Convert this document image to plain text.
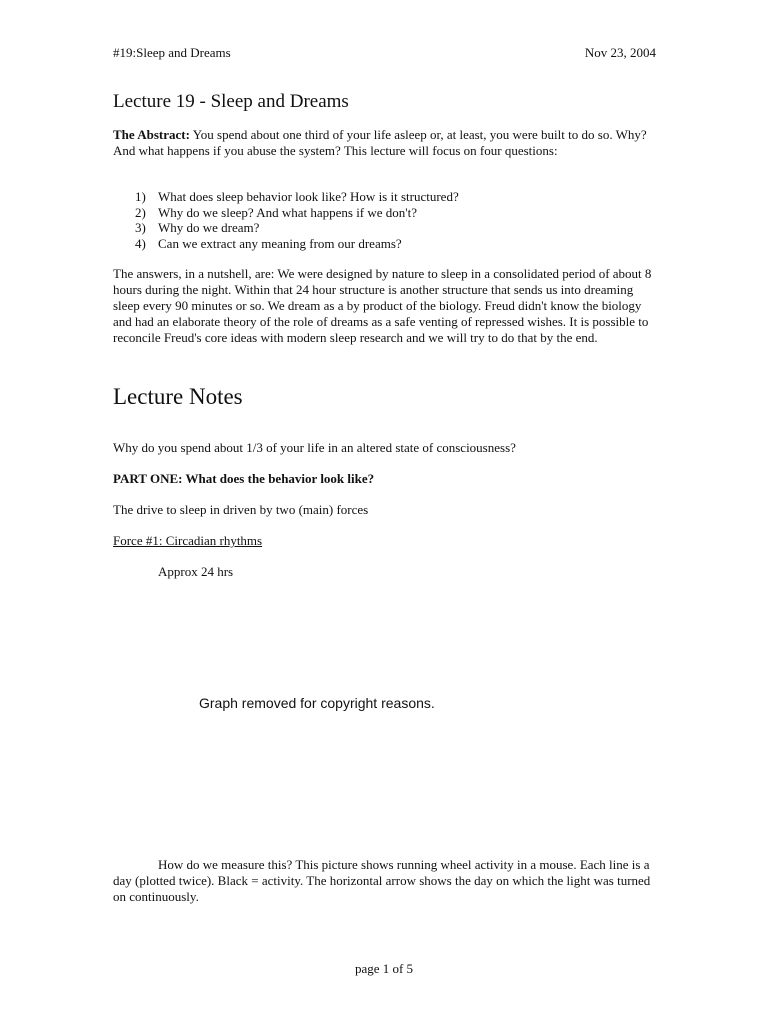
#19:Sleep and Dreams	Nov 23, 2004
Lecture 19 - Sleep and Dreams

The Abstract: You spend about one third of your life asleep or, at least, you were built to do so. Why? And what happens if you abuse the system? This lecture will focus on four questions:

1) What does sleep behavior look like? How is it structured?
2) Why do we sleep? And what happens if we don't?
3) Why do we dream?
4) Can we extract any meaning from our dreams?

The answers, in a nutshell, are: We were designed by nature to sleep in a consolidated period of about 8 hours during the night. Within that 24 hour structure is another structure that sends us into dreaming sleep every 90 minutes or so. We dream as a by product of the biology. Freud didn't know the biology and had an elaborate theory of the role of dreams as a safe venting of repressed wishes. It is possible to reconcile Freud's core ideas with modern sleep research and we will try to do that by the end.

Lecture Notes

Why do you spend about 1/3 of your life in an altered state of consciousness?

PART ONE: What does the behavior look like?

The drive to sleep in driven by two (main) forces

Force #1: Circadian rhythms

Approx 24 hrs

Graph removed for copyright reasons.

How do we measure this? This picture shows running wheel activity in a mouse. Each line is a day (plotted twice). Black = activity. The horizontal arrow shows the day on which the light was turned on continuously.

page 1 of 5
